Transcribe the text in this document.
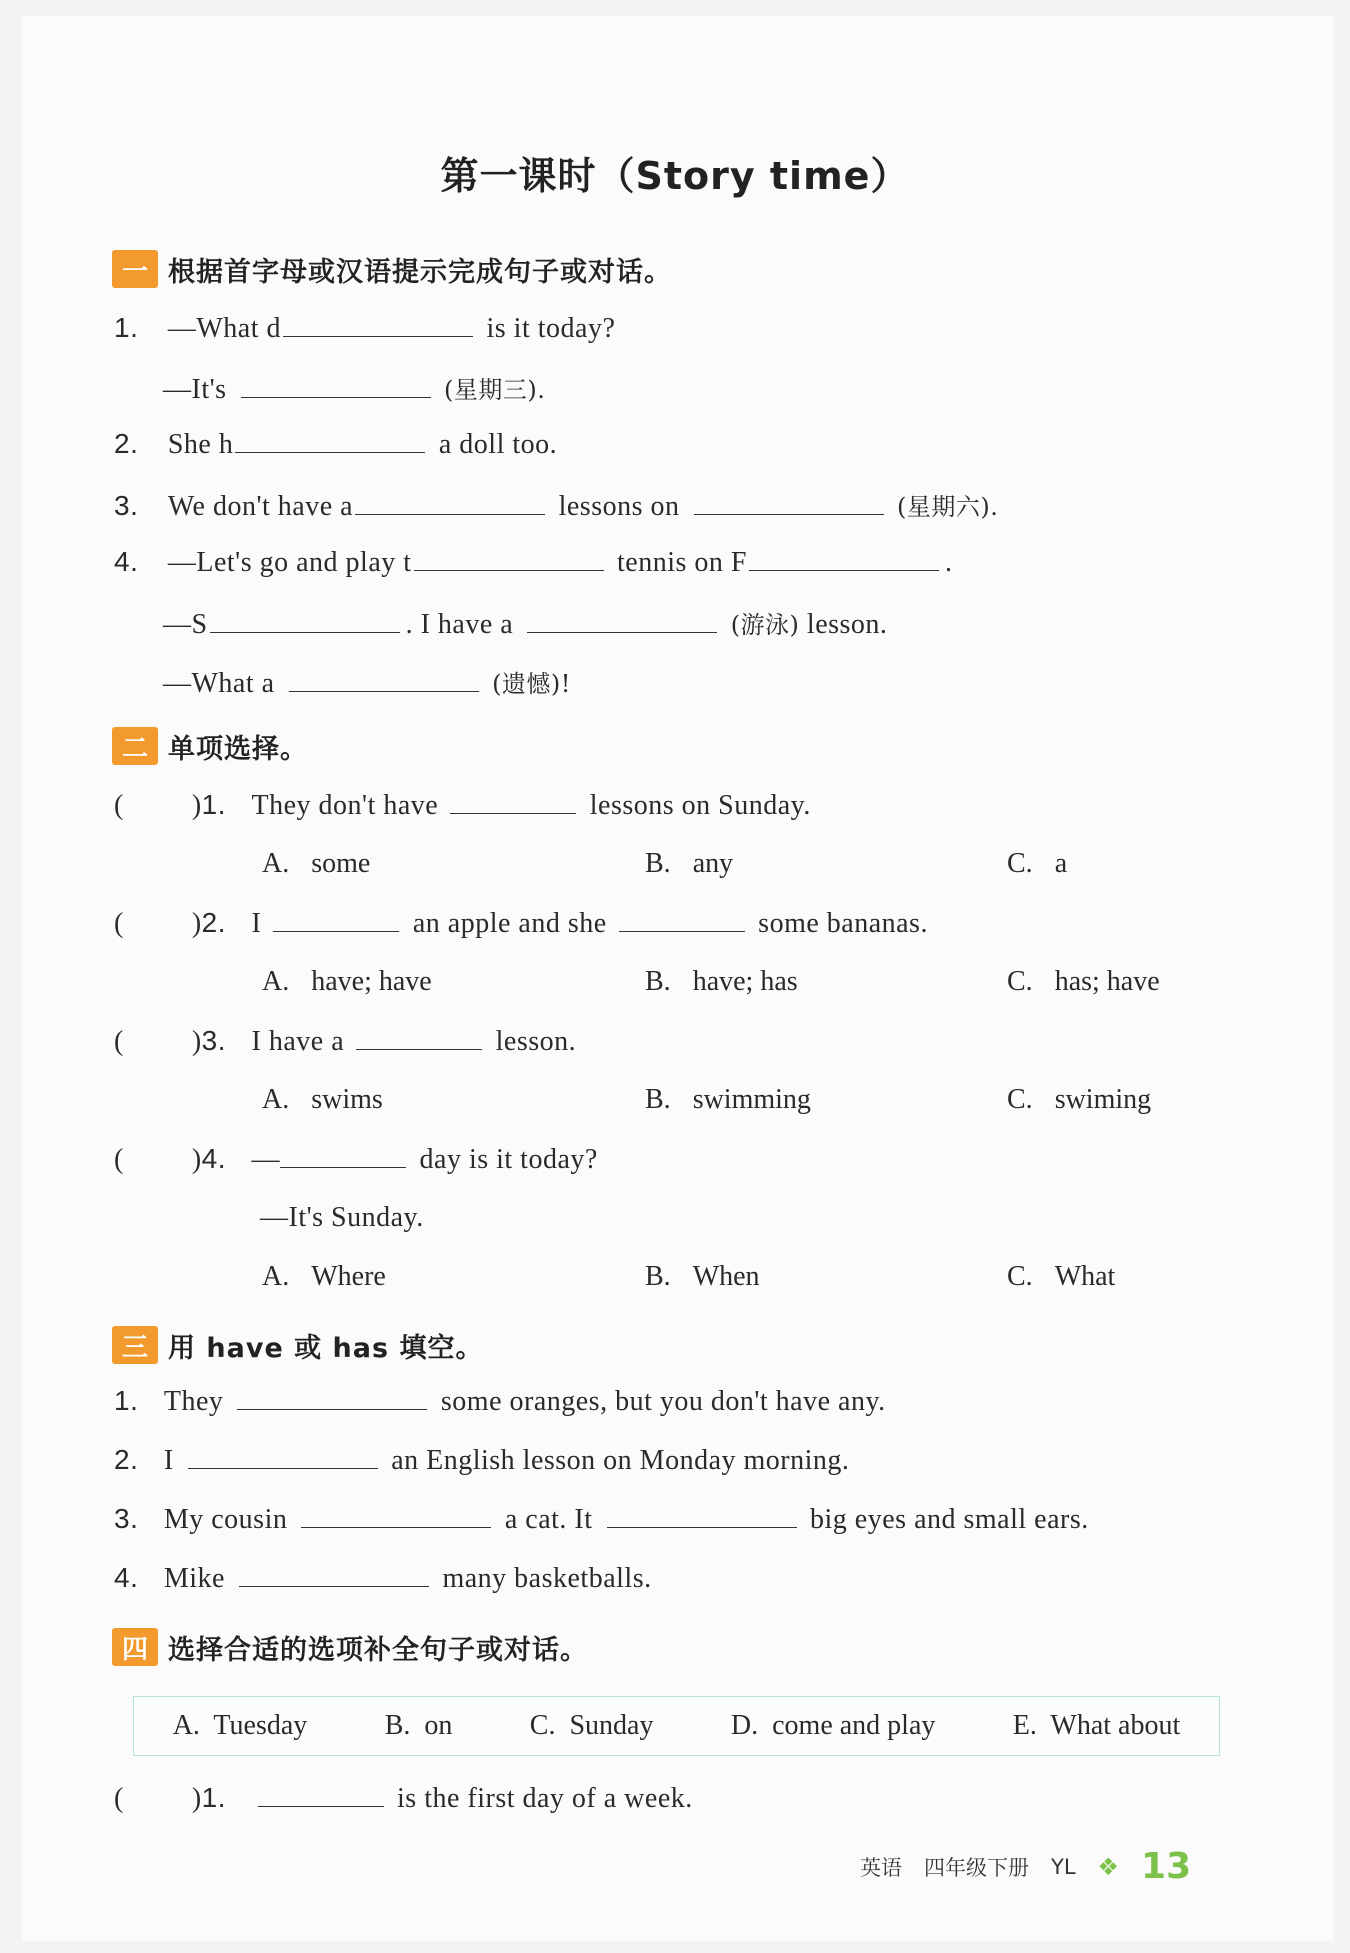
第一课时（Story time）
一 根据首字母或汉语提示完成句子或对话。
1. —What d	is it today?
—It's	(星期三).
2. She h	a doll too.
3. We don't have a	lessons on	(星期六).
4. —Let's go and play t	tennis on F	.
—S	. I have a	(游泳) lesson.
—What a	(遗憾)!
二 单项选择。
( )1. They don't have	lessons on Sunday.
A. some	B. any	C. a
( )2. I	an apple and she	some bananas.
A. have; have	B. have; has	C. has; have
( )3. I have a	lesson.
A. swims	B. swimming	C. swiming
( )4. —	day is it today?
—It's Sunday.
A. Where	B. When	C. What
三 用 have 或 has 填空。
1. They	some oranges, but you don't have any.
2. I	an English lesson on Monday morning.
3. My cousin	a cat. It	big eyes and small ears.
4. Mike	many basketballs.
四 选择合适的选项补全句子或对话。
A.  Tuesday	B.  on	C.  Sunday	D.  come and play	E.  What about
( )1.	is the first day of a week.
英语 四年级下册 YL ❖ 13
